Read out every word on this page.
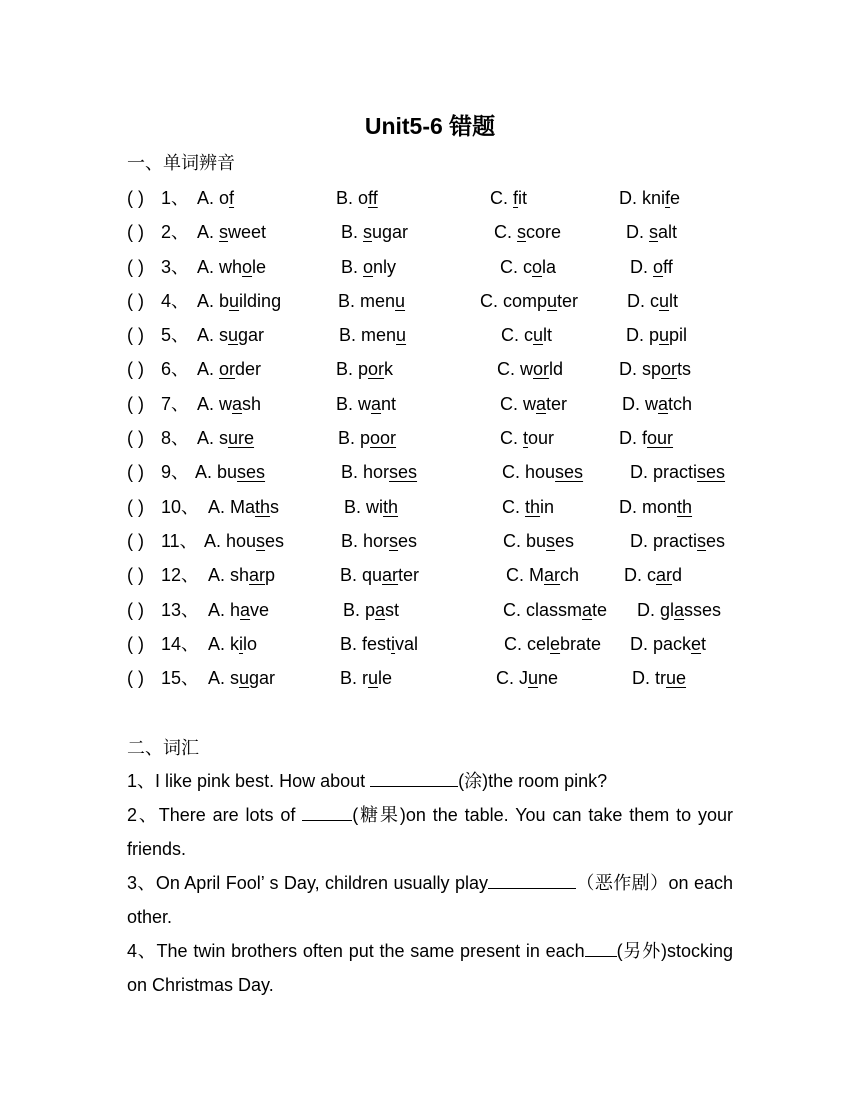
Unit5-6 错题
一、单词辨音
( ) 1、 A. of	B. off	C. fit	D. knife
( ) 2、 A. sweet	B. sugar	C. score	D. salt
( ) 3、 A. whole	B. only	C. cola	D. off
( ) 4、 A. building	B. menu	C. computer	D. cult
( ) 5、 A. sugar	B. menu	C. cult	D. pupil
( ) 6、 A. order	B. pork	C. world	D. sports
( ) 7、 A. wash	B. want	C. water	D. watch
( ) 8、 A. sure	B. poor	C. tour	D. four
( ) 9、 A. buses	B. horses	C. houses	D. practises
( ) 10、 A. Maths	B. with	C. thin	D. month
( ) 11、 A. houses	B. horses	C. buses	D. practises
( ) 12、 A. sharp	B. quarter	C. March D. card
( ) 13、 A. have	B. past	C. classmate D. glasses
( ) 14、 A. kilo	B. festival	C. celebrate D. packet
( ) 15、 A. sugar	B. rule	C. June	D. true
二、词汇
1、I like pink best. How about	(涂)the room pink?
2、There are lots of	(糖果)on the table. You can take them to your friends.
3、On April Fool’ s Day, children usually play	（恶作剧）on each other.
4、The twin brothers often put the same present in each (另外)stocking on Christmas Day.
